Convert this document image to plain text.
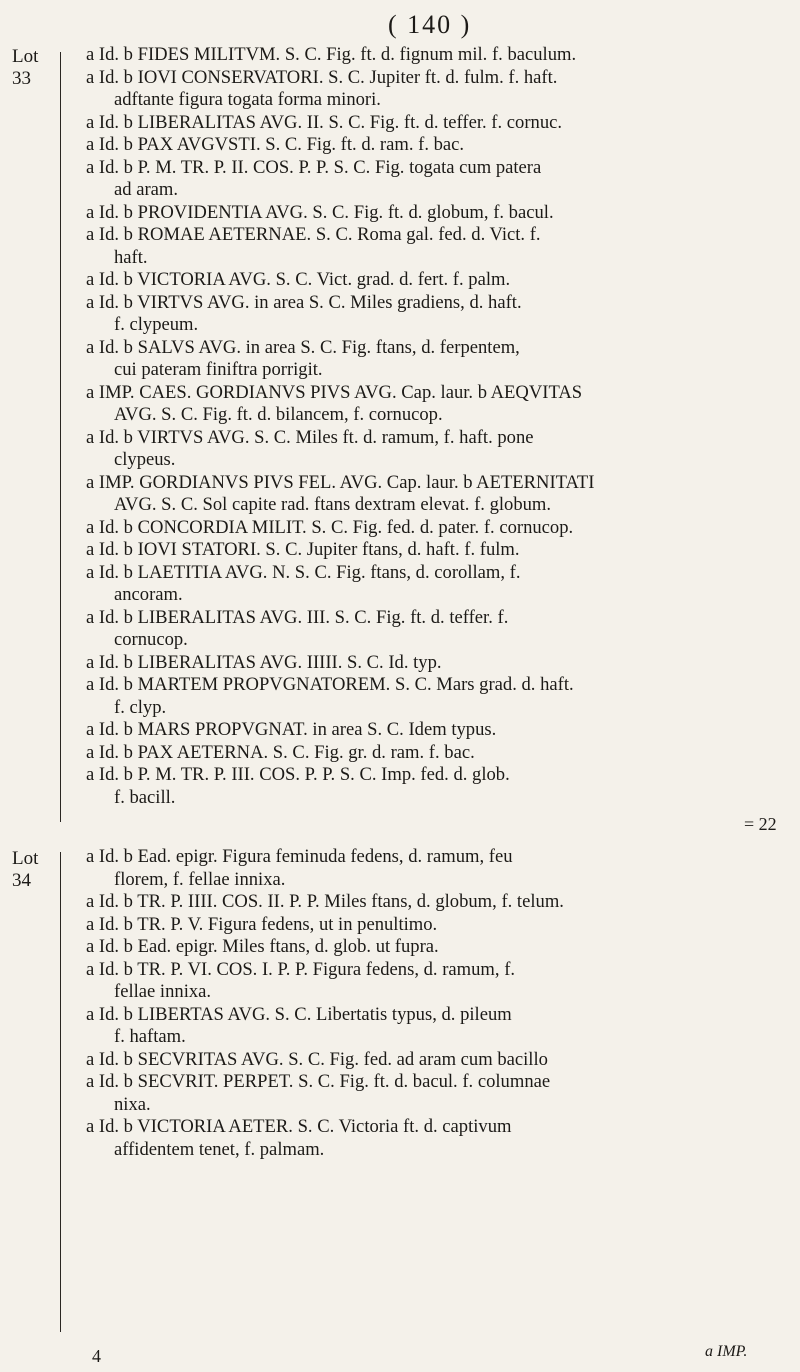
( 140 )
Lot
33

a Id. b FIDES MILITVM. S. C. Fig. ft. d. fignum mil. f. baculum.

a Id. b IOVI CONSERVATORI. S. C. Jupiter ft. d. fulm. f. haft.
adftante figura togata forma minori.

a Id. b LIBERALITAS AVG. II. S. C. Fig. ft. d. teffer. f. cornuc.

a Id. b PAX AVGVSTI. S. C. Fig. ft. d. ram. f. bac.

a Id. b P. M. TR. P. II. COS. P. P. S. C. Fig. togata cum patera
ad aram.

a Id. b PROVIDENTIA AVG. S. C. Fig. ft. d. globum, f. bacul.

a Id. b ROMAE AETERNAE. S. C. Roma gal. fed. d. Vict. f.
haft.

a Id. b VICTORIA AVG. S. C. Vict. grad. d. fert. f. palm.

a Id. b VIRTVS AVG. in area S. C. Miles gradiens, d. haft.
f. clypeum.

a Id. b SALVS AVG. in area S. C. Fig. ftans, d. ferpentem,
cui pateram finiftra porrigit.

a IMP. CAES. GORDIANVS PIVS AVG. Cap. laur. b AEQVITAS
AVG. S. C. Fig. ft. d. bilancem, f. cornucop.

a Id. b VIRTVS AVG. S. C. Miles ft. d. ramum, f. haft. pone
clypeus.

a IMP. GORDIANVS PIVS FEL. AVG. Cap. laur. b AETERNITATI
AVG. S. C. Sol capite rad. ftans dextram elevat. f. globum.

a Id. b CONCORDIA MILIT. S. C. Fig. fed. d. pater. f. cornucop.

a Id. b IOVI STATORI. S. C. Jupiter ftans, d. haft. f. fulm.

a Id. b LAETITIA AVG. N. S. C. Fig. ftans, d. corollam, f.
ancoram.

a Id. b LIBERALITAS AVG. III. S. C. Fig. ft. d. teffer. f.
cornucop.

a Id. b LIBERALITAS AVG. IIIII. S. C. Id. typ.

a Id. b MARTEM PROPVGNATOREM. S. C. Mars grad. d. haft.
f. clyp.

a Id. b MARS PROPVGNAT. in area S. C. Idem typus.

a Id. b PAX AETERNA. S. C. Fig. gr. d. ram. f. bac.

a Id. b P. M. TR. P. III. COS. P. P. S. C. Imp. fed. d. glob.
f. bacill.

= 22
Lot
34

a Id. b Ead. epigr. Figura feminuda fedens, d. ramum, feu
florem, f. fellae innixa.

a Id. b TR. P. IIII. COS. II. P. P. Miles ftans, d. globum, f. telum.

a Id. b TR. P. V. Figura fedens, ut in penultimo.

a Id. b Ead. epigr. Miles ftans, d. glob. ut fupra.

a Id. b TR. P. VI. COS. I. P. P. Figura fedens, d. ramum, f.
fellae innixa.

a Id. b LIBERTAS AVG. S. C. Libertatis typus, d. pileum
f. haftam.

a Id. b SECVRITAS AVG. S. C. Fig. fed. ad aram cum bacillo

a Id. b SECVRIT. PERPET. S. C. Fig. ft. d. bacul. f. columnae
nixa.

a Id. b VICTORIA AETER. S. C. Victoria ft. d. captivum
affidentem tenet, f. palmam.

4	a IMP.
